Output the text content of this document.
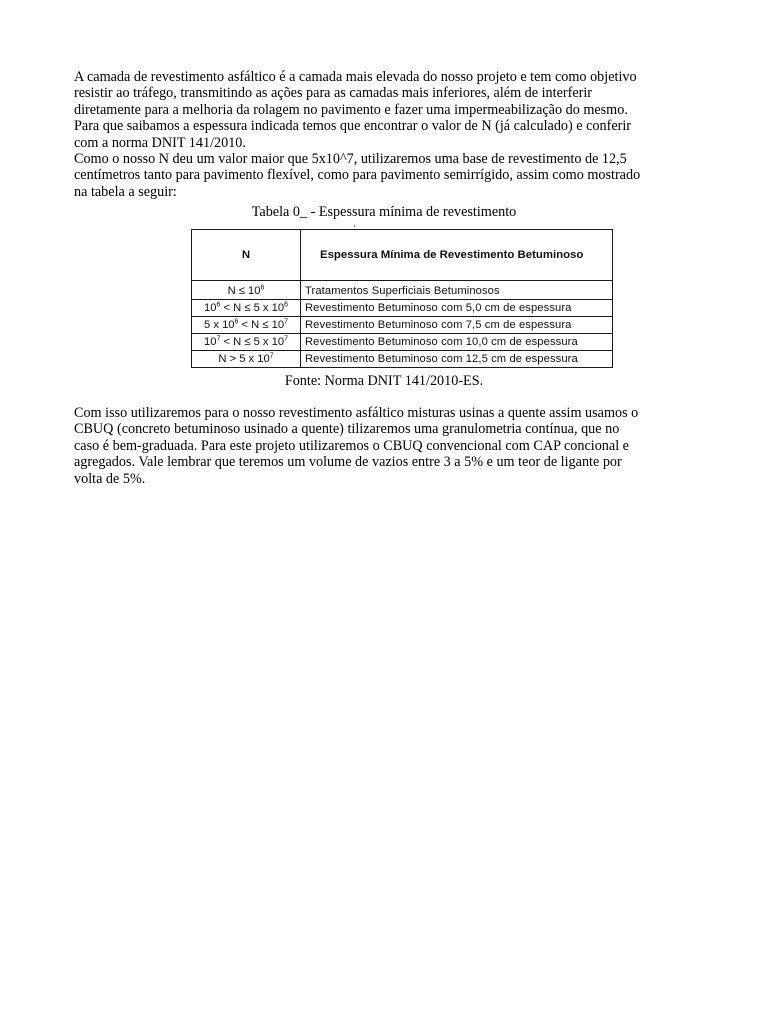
A camada de revestimento asfáltico é a camada mais elevada do nosso projeto e tem como objetivo
resistir ao tráfego, transmitindo as ações para as camadas mais inferiores, além de interferir
diretamente para a melhoria da rolagem no pavimento e fazer uma impermeabilização do mesmo.
Para que saibamos a espessura indicada temos que encontrar o valor de N (já calculado) e conferir
com a norma DNIT 141/2010.

Como o nosso N deu um valor maior que 5x10^7, utilizaremos uma base de revestimento de 12,5
centímetros tanto para pavimento flexível, como para pavimento semirrígido, assim como mostrado
na tabela a seguir:

Tabela 0_ - Espessura mínima de revestimento
N	Espessura Mínima de Revestimento Betuminoso
$N \le 10^6$	Tratamentos Superficiais Betuminosos
$10^6 < N \le 5$ x $10^6$	Revestimento Betuminoso com 5,0 cm de espessura
5 x $10^6 < N \le 10^7$	Revestimento Betuminoso com 7,5 cm de espessura
$10^7 < N \le 5$ x $10^7$	Revestimento Betuminoso com 10,0 cm de espessura
N > 5 x $10^7$	Revestimento Betuminoso com 12,5 cm de espessura
Fonte: Norma DNIT 141/2010-ES.

Com isso utilizaremos para o nosso revestimento asfáltico misturas usinas a quente assim usamos o
CBUQ (concreto betuminoso usinado a quente) tilizaremos uma granulometria contínua, que no
caso é bem-graduada. Para este projeto utilizaremos o CBUQ convencional com CAP concional e
agregados. Vale lembrar que teremos um volume de vazios entre 3 a 5% e um teor de ligante por
volta de 5%.
